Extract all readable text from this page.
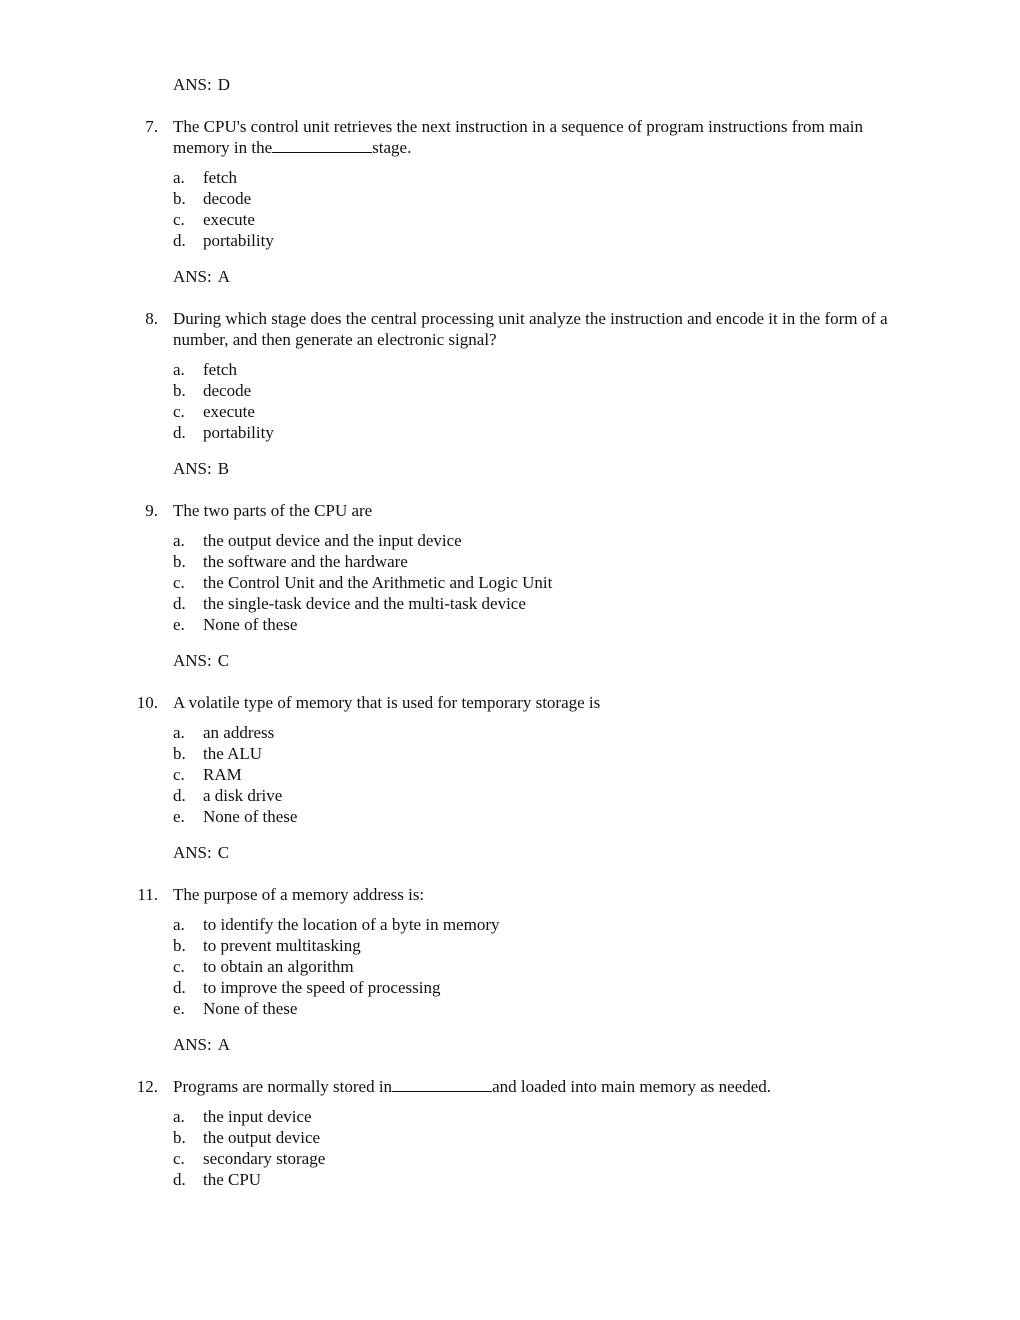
ANS: D

7. The CPU's control unit retrieves the next instruction in a sequence of program instructions from main memory in the	stage.
a.	fetch
b.	decode
c.	execute
d.	portability

ANS: A

8. During which stage does the central processing unit analyze the instruction and encode it in the form of a number, and then generate an electronic signal?
a.	fetch
b.	decode
c.	execute
d.	portability

ANS: B

9. The two parts of the CPU are
a.	the output device and the input device
b.	the software and the hardware
c.	the Control Unit and the Arithmetic and Logic Unit
d.	the single-task device and the multi-task device
e.	None of these

ANS: C

10. A volatile type of memory that is used for temporary storage is
a.	an address
b.	the ALU
c.	RAM
d.	a disk drive
e.	None of these

ANS: C

11. The purpose of a memory address is:
a.	to identify the location of a byte in memory
b.	to prevent multitasking
c.	to obtain an algorithm
d.	to improve the speed of processing
e.	None of these

ANS: A

12. Programs are normally stored in	and loaded into main memory as needed.
a.	the input device
b.	the output device
c.	secondary storage
d.	the CPU
